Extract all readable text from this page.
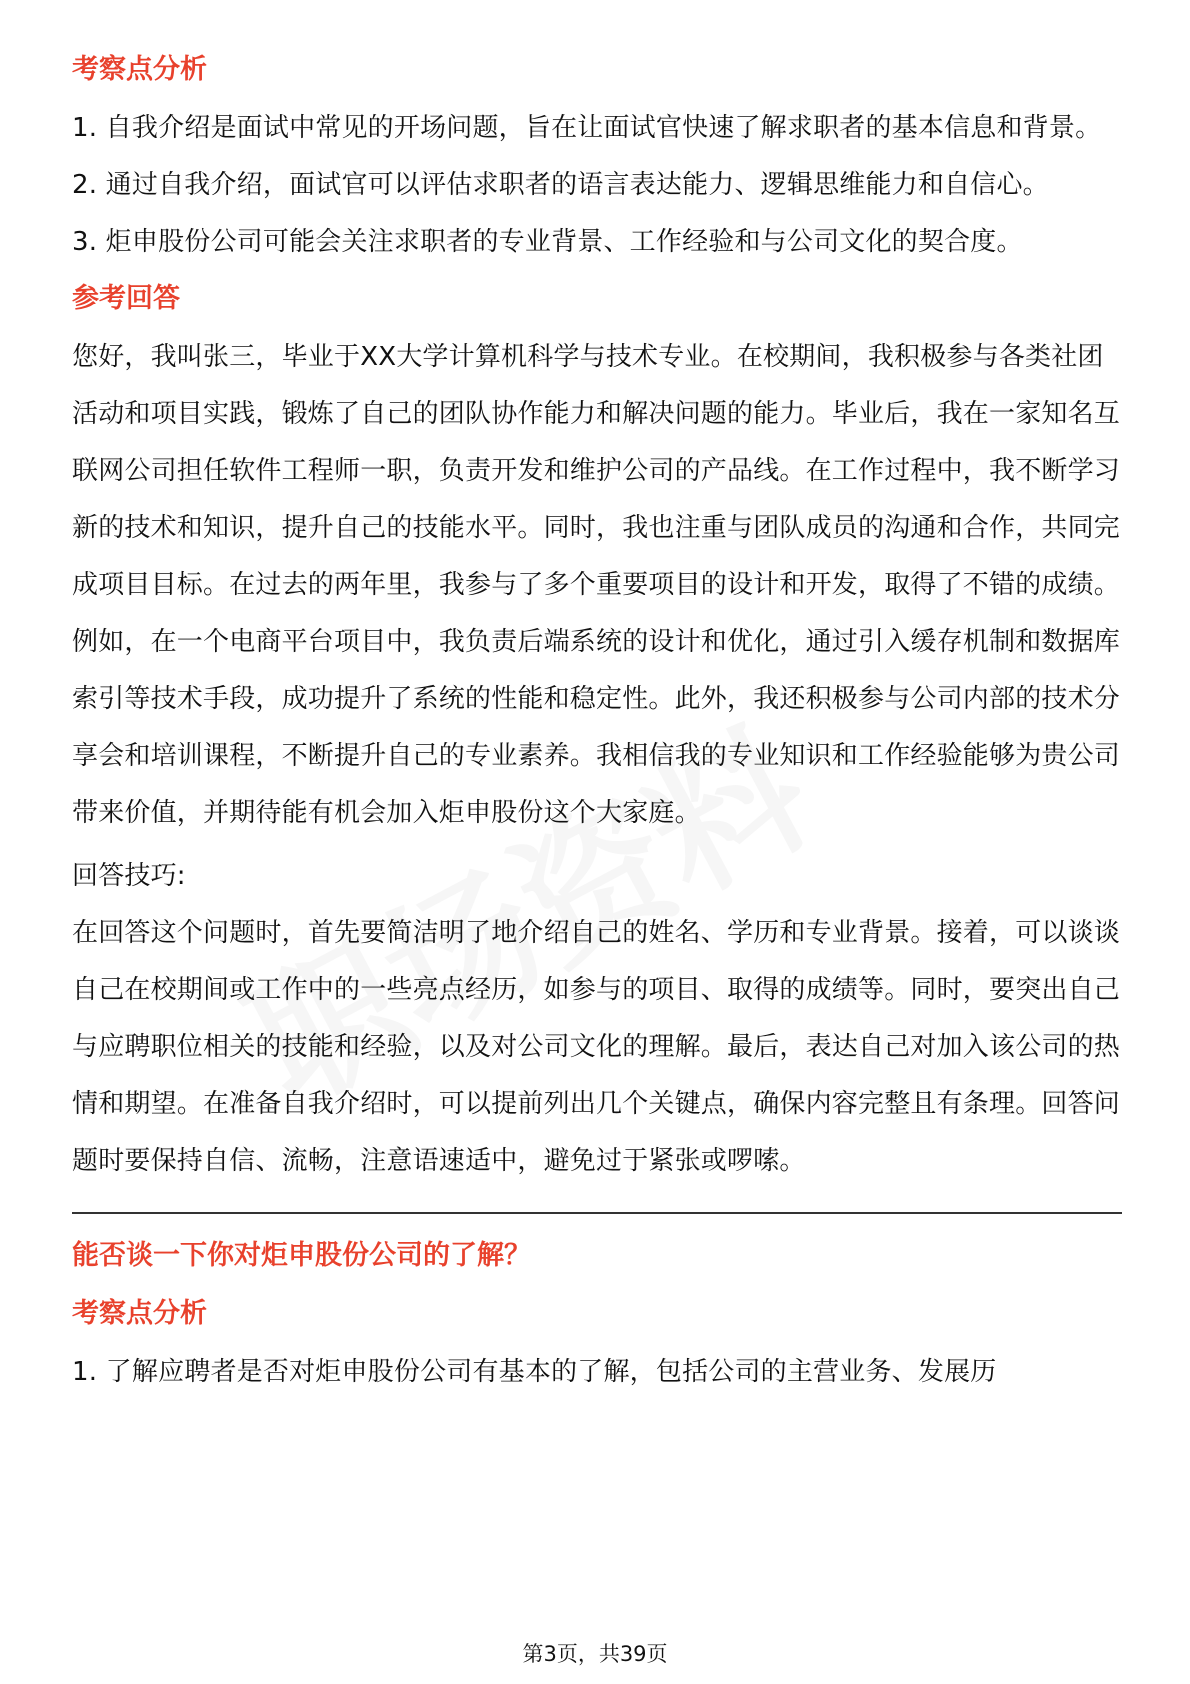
考察点分析

1. 自我介绍是面试中常见的开场问题，旨在让面试官快速了解求职者的基本信息和背景。

2. 通过自我介绍，面试官可以评估求职者的语言表达能力、逻辑思维能力和自信心。

3. 炬申股份公司可能会关注求职者的专业背景、工作经验和与公司文化的契合度。

参考回答

您好，我叫张三，毕业于XX大学计算机科学与技术专业。在校期间，我积极参与各类社团活动和项目实践，锻炼了自己的团队协作能力和解决问题的能力。毕业后，我在一家知名互联网公司担任软件工程师一职，负责开发和维护公司的产品线。在工作过程中，我不断学习新的技术和知识，提升自己的技能水平。同时，我也注重与团队成员的沟通和合作，共同完成项目目标。在过去的两年里，我参与了多个重要项目的设计和开发，取得了不错的成绩。例如，在一个电商平台项目中，我负责后端系统的设计和优化，通过引入缓存机制和数据库索引等技术手段，成功提升了系统的性能和稳定性。此外，我还积极参与公司内部的技术分享会和培训课程，不断提升自己的专业素养。我相信我的专业知识和工作经验能够为贵公司带来价值，并期待能有机会加入炬申股份这个大家庭。

回答技巧:

在回答这个问题时，首先要简洁明了地介绍自己的姓名、学历和专业背景。接着，可以谈谈自己在校期间或工作中的一些亮点经历，如参与的项目、取得的成绩等。同时，要突出自己与应聘职位相关的技能和经验，以及对公司文化的理解。最后，表达自己对加入该公司的热情和期望。在准备自我介绍时，可以提前列出几个关键点，确保内容完整且有条理。回答问题时要保持自信、流畅，注意语速适中，避免过于紧张或啰嗦。

能否谈一下你对炬申股份公司的了解？
考察点分析

1. 了解应聘者是否对炬申股份公司有基本的了解，包括公司的主营业务、发展历

第3页，共39页
